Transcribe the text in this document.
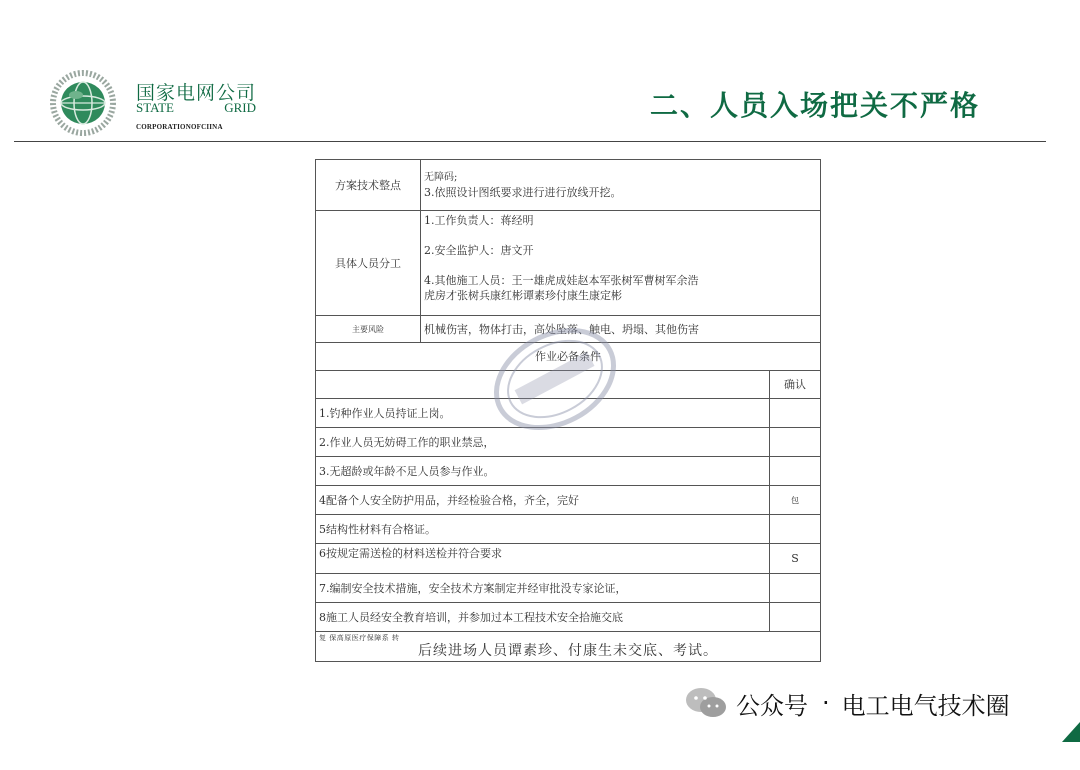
国家电网公司
STATE	GRID
CORPORATIONOFCIINA
二、人员入场把关不严格
方案技术整点	无障码;
3.依照设计图纸要求进行进行放线开挖。	

具体人员分工	1.工作负责人：蒋经明
2.安全监护人：唐文开
4.其他施工人员：王一雄虎成娃赵本军张树军曹树军余浩
虎房才张树兵康红彬谭素珍付康生康定彬	

主要风险	机械伤害，物体打击，高处坠落、触电、坍塌、其他伤害	
作业必备条件		
		确认
1.钓种作业人员持证上岗。		
2.作业人员无妨碍工作的职业禁忌，		
3.无超龄或年龄不足人员参与作业。		
4配备个人安全防护用品，并经检验合格，齐全，完好		包
5结构性材料有合格证。		
6按规定需送检的材料送检并符合要求		S
7.编制安全技术措施，安全技术方案制定并经审批没专家论证，		
8施工人员经安全教育培训，并参加过本工程技术安全拾施交底		

复 保高原医疗保障系 转
后续进场人员谭素珍、付康生未交底、考试。		
公众号 · 电工电气技术圈
